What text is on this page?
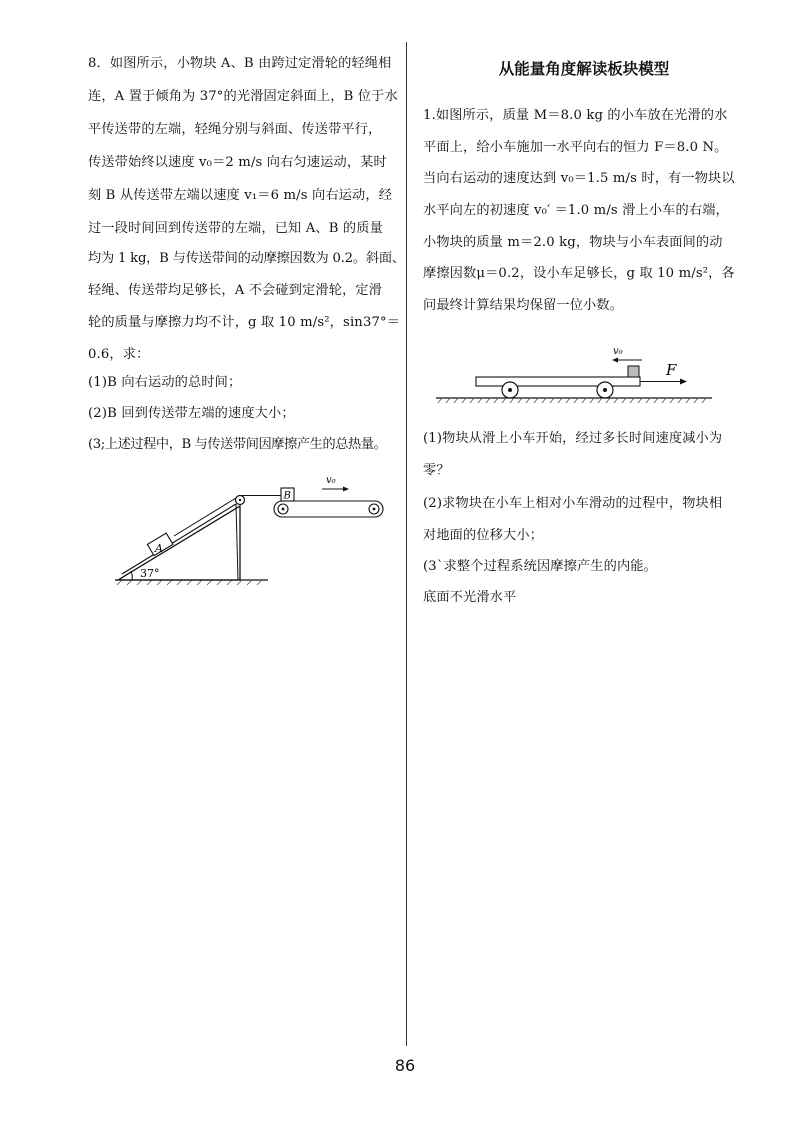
8．如图所示，小物块 A、B 由跨过定滑轮的轻绳相

连，A 置于倾角为 37°的光滑固定斜面上，B 位于水

平传送带的左端，轻绳分别与斜面、传送带平行，

传送带始终以速度 v₀＝2 m/s 向右匀速运动，某时

刻 B 从传送带左端以速度 v₁＝6 m/s 向右运动，经

过一段时间回到传送带的左端，已知 A、B 的质量

均为 1 kg，B 与传送带间的动摩擦因数为 0.2。斜面、

轻绳、传送带均足够长，A 不会碰到定滑轮，定滑

轮的质量与摩擦力均不计，g 取 10 m/s²，sin37°＝

0.6，求：

(1)B 向右运动的总时间；

(2)B 回到传送带左端的速度大小；

(3;上述过程中，B 与传送带间因摩擦产生的总热量。

37°
A
B
v₀
从能量角度解读板块模型

1.如图所示，质量 M＝8.0 kg 的小车放在光滑的水

平面上，给小车施加一水平向右的恒力 F＝8.0 N。

当向右运动的速度达到 v₀＝1.5 m/s 时，有一物块以

水平向左的初速度 v₀′ ＝1.0 m/s 滑上小车的右端，

小物块的质量 m＝2.0 kg，物块与小车表面间的动

摩擦因数μ＝0.2，设小车足够长，g 取 10 m/s²，各

问最终计算结果均保留一位小数。

(1)物块从滑上小车开始，经过多长时间速度减小为

零？

(2)求物块在小车上相对小车滑动的过程中，物块相

对地面的位移大小；

(3`求整个过程系统因摩擦产生的内能。

底面不光滑水平

v₀
F
86
